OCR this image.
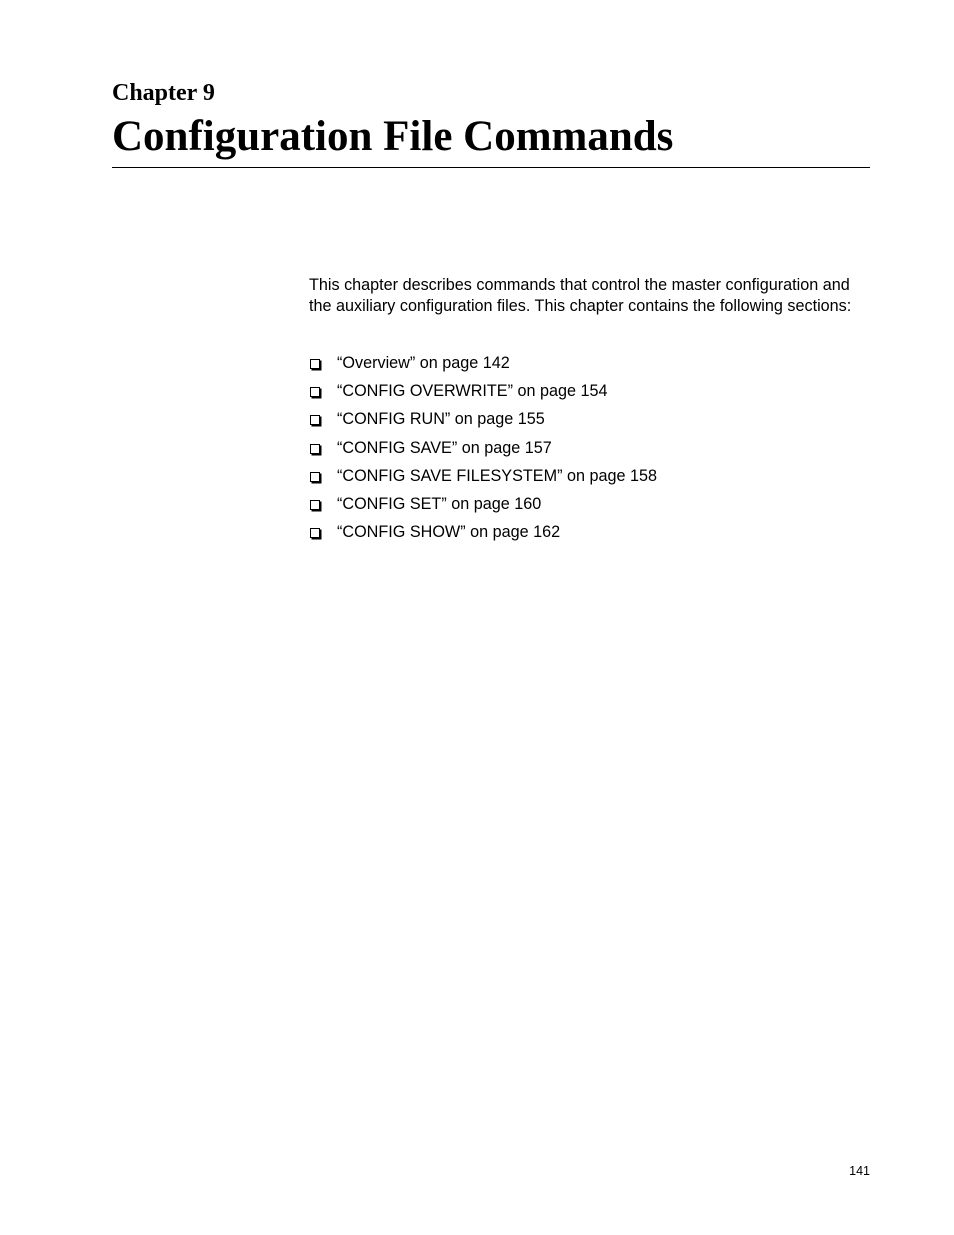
Chapter 9
Configuration File Commands

This chapter describes commands that control the master configuration and the auxiliary configuration files. This chapter contains the following sections:

“Overview” on page 142
“CONFIG OVERWRITE” on page 154
“CONFIG RUN” on page 155
“CONFIG SAVE” on page 157
“CONFIG SAVE FILESYSTEM” on page 158
“CONFIG SET” on page 160
“CONFIG SHOW” on page 162

141
